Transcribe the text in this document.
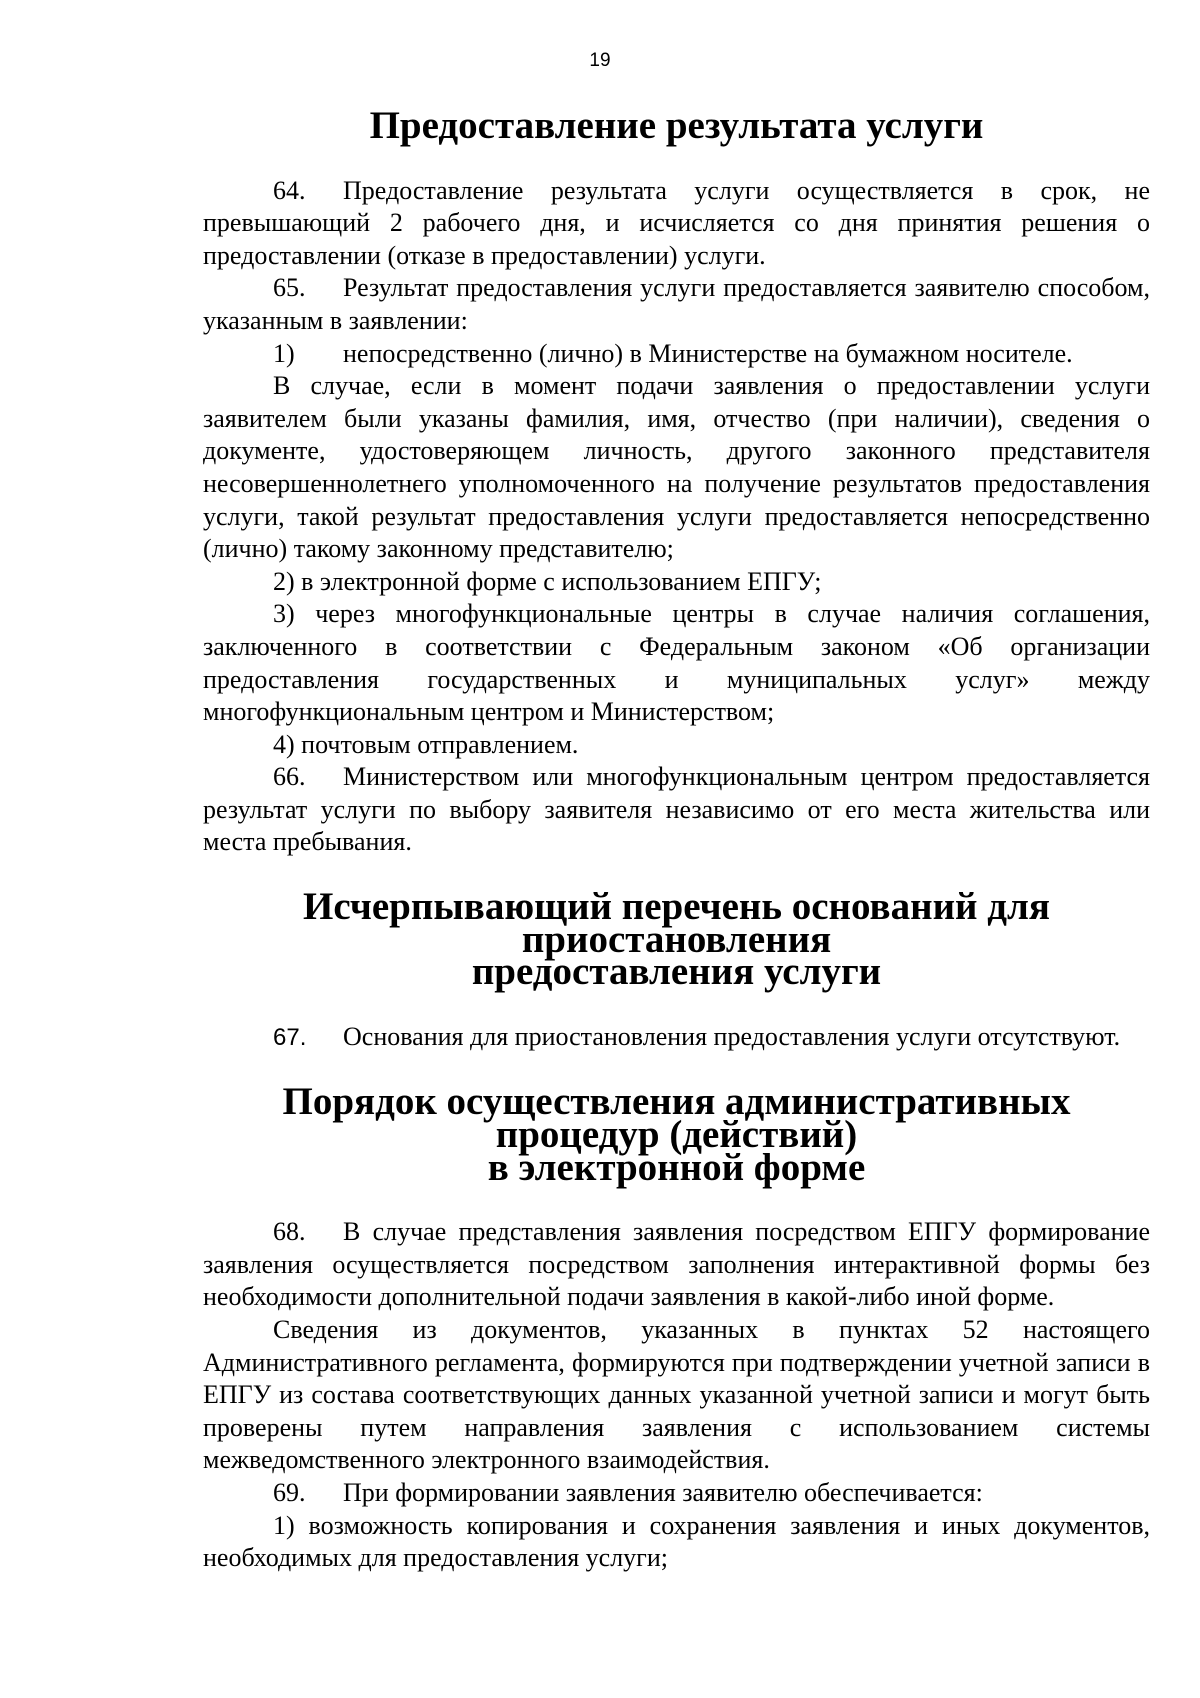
19
Предоставление результата услуги

64. Предоставление результата услуги осуществляется в срок, не превышающий 2 рабочего дня, и исчисляется со дня принятия решения о предоставлении (отказе в предоставлении) услуги.

65. Результат предоставления услуги предоставляется заявителю способом, указанным в заявлении:

1) непосредственно (лично) в Министерстве на бумажном носителе.

В случае, если в момент подачи заявления о предоставлении услуги заявителем были указаны фамилия, имя, отчество (при наличии), сведения о документе, удостоверяющем личность, другого законного представителя несовершеннолетнего уполномоченного на получение результатов предоставления услуги, такой результат предоставления услуги предоставляется непосредственно (лично) такому законному представителю;

2) в электронной форме с использованием ЕПГУ;

3) через многофункциональные центры в случае наличия соглашения, заключенного в соответствии с Федеральным законом «Об организации предоставления государственных и муниципальных услуг» между многофункциональным центром и Министерством;

4) почтовым отправлением.

66. Министерством или многофункциональным центром предоставляется результат услуги по выбору заявителя независимо от его места жительства или места пребывания.

Исчерпывающий перечень оснований для приостановления
предоставления услуги

67. Основания для приостановления предоставления услуги отсутствуют.

Порядок осуществления административных процедур (действий)
в электронной форме

68. В случае представления заявления посредством ЕПГУ формирование заявления осуществляется посредством заполнения интерактивной формы без необходимости дополнительной подачи заявления в какой-либо иной форме.

Сведения из документов, указанных в пунктах 52 настоящего Административного регламента, формируются при подтверждении учетной записи в ЕПГУ из состава соответствующих данных указанной учетной записи и могут быть проверены путем направления заявления с использованием системы межведомственного электронного взаимодействия.

69. При формировании заявления заявителю обеспечивается:

1) возможность копирования и сохранения заявления и иных документов, необходимых для предоставления услуги;
